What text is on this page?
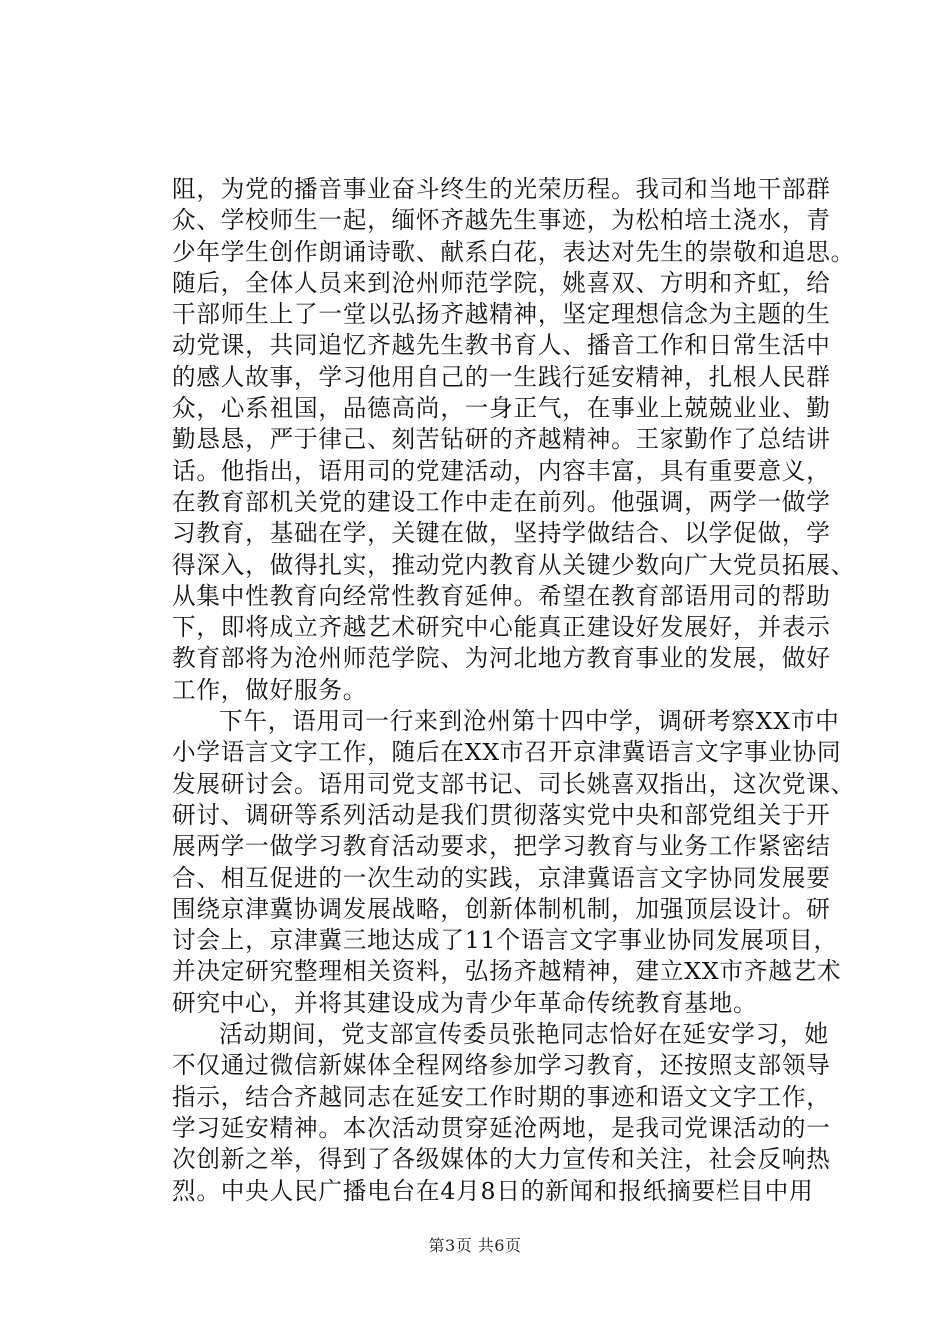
阻，为党的播音事业奋斗终生的光荣历程。我司和当地干部群
众、学校师生一起，缅怀齐越先生事迹，为松柏培土浇水，青
少年学生创作朗诵诗歌、献系白花，表达对先生的崇敬和追思。
随后，全体人员来到沧州师范学院，姚喜双、方明和齐虹，给
干部师生上了一堂以弘扬齐越精神，坚定理想信念为主题的生
动党课，共同追忆齐越先生教书育人、播音工作和日常生活中
的感人故事，学习他用自己的一生践行延安精神，扎根人民群
众，心系祖国，品德高尚，一身正气，在事业上兢兢业业、勤
勤恳恳，严于律己、刻苦钻研的齐越精神。王家勤作了总结讲
话。他指出，语用司的党建活动，内容丰富，具有重要意义，
在教育部机关党的建设工作中走在前列。他强调，两学一做学
习教育，基础在学，关键在做，坚持学做结合、以学促做，学
得深入，做得扎实，推动党内教育从关键少数向广大党员拓展、
从集中性教育向经常性教育延伸。希望在教育部语用司的帮助
下，即将成立齐越艺术研究中心能真正建设好发展好，并表示
教育部将为沧州师范学院、为河北地方教育事业的发展，做好
工作，做好服务。
下午，语用司一行来到沧州第十四中学，调研考察XX市中
小学语言文字工作，随后在XX市召开京津冀语言文字事业协同
发展研讨会。语用司党支部书记、司长姚喜双指出，这次党课、
研讨、调研等系列活动是我们贯彻落实党中央和部党组关于开
展两学一做学习教育活动要求，把学习教育与业务工作紧密结
合、相互促进的一次生动的实践，京津冀语言文字协同发展要
围绕京津冀协调发展战略，创新体制机制，加强顶层设计。研
讨会上，京津冀三地达成了11个语言文字事业协同发展项目，
并决定研究整理相关资料，弘扬齐越精神，建立XX市齐越艺术
研究中心，并将其建设成为青少年革命传统教育基地。
活动期间，党支部宣传委员张艳同志恰好在延安学习，她
不仅通过微信新媒体全程网络参加学习教育，还按照支部领导
指示，结合齐越同志在延安工作时期的事迹和语文文字工作，
学习延安精神。本次活动贯穿延沧两地，是我司党课活动的一
次创新之举，得到了各级媒体的大力宣传和关注，社会反响热
烈。中央人民广播电台在4月8日的新闻和报纸摘要栏目中用
第3页 共6页
